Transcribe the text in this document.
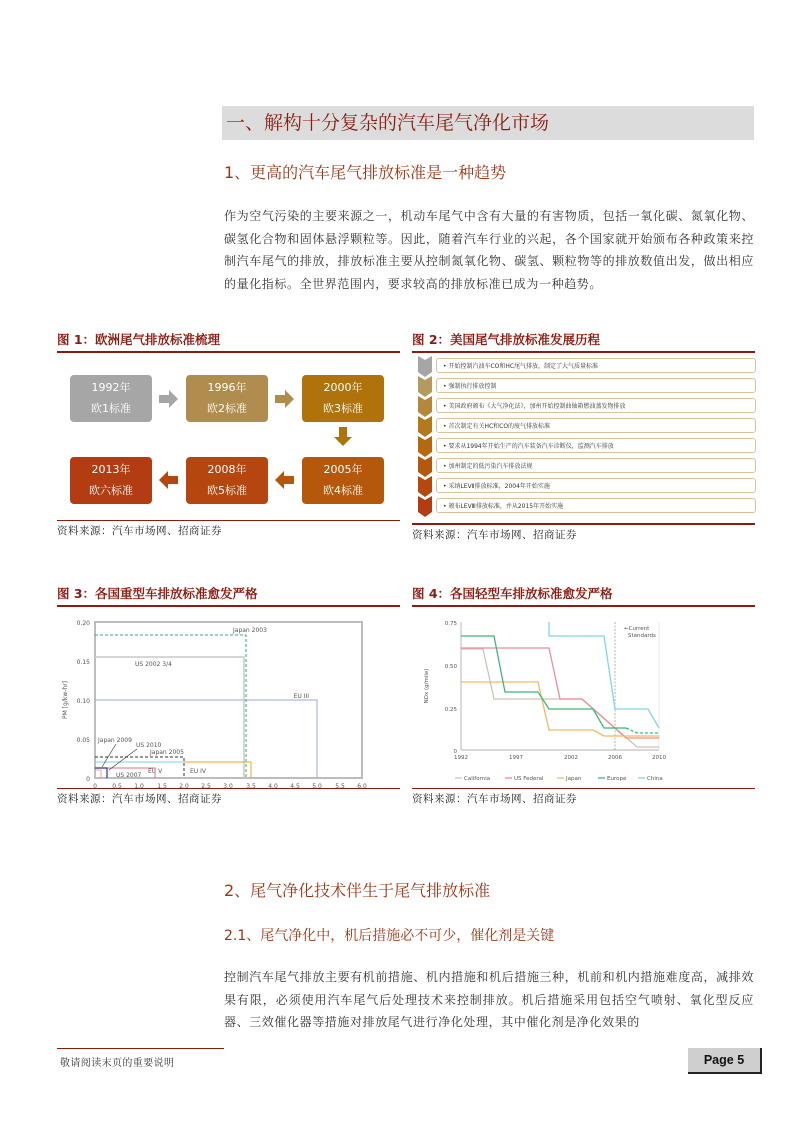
一、解构十分复杂的汽车尾气净化市场
1、更高的汽车尾气排放标准是一种趋势
作为空气污染的主要来源之一，机动车尾气中含有大量的有害物质，包括一氧化碳、氮氧化物、碳氢化合物和固体悬浮颗粒等。因此，随着汽车行业的兴起，各个国家就开始颁布各种政策来控制汽车尾气的排放，排放标准主要从控制氮氧化物、碳氢、颗粒物等的排放数值出发，做出相应的量化指标。全世界范围内，要求较高的排放标准已成为一种趋势。
图 1：欧洲尾气排放标准梳理
1992年
欧1标准
1996年
欧2标准
2000年
欧3标准
2005年
欧4标准
2008年
欧5标准
2013年
欧六标准
资料来源：汽车市场网、招商证券
图 2：美国尾气排放标准发展历程
• 开始控制汽油车CO和HC尾气排放，制定了大气质量标准
• 强制执行排放控制
• 美国政府颁布《大气净化法》，加州开始控制曲轴箱燃油蒸发物排放
• 首次制定有关HC和CO的废气排放标准
• 要求从1994年开始生产的汽车装备汽车诊断仪，监测汽车排放
• 加州制定的低污染汽车排放法规
• 采纳LEVⅡ排放标准，2004年开始实施
• 颁布LEVⅢ排放标准，并从2015年开始实施
资料来源：汽车市场网、招商证券
图 3：各国重型车排放标准愈发严格
0.20
0.15
0.10
0.05
0
0	0.5 1.0 1.5 2.0 2.5 3.0 3.5 4.0 4.5 5.0 5.5 6.0
EU III
US 2002 3/4
Japan 2003
EU IV
EU V
Japan 2005
US 2007
US 2010
Japan 2009
PM [g/kw-hr]
资料来源：汽车市场网、招商证券
图 4：各国轻型车排放标准愈发严格
0.75
0.50
0.25
0
1992	1997	2002	2006	2010
NOx (g/mile)
←Current
Standards
California	US Federal	Japan	Europe	China
资料来源：汽车市场网、招商证券
2、尾气净化技术伴生于尾气排放标准
2.1、尾气净化中，机后措施必不可少，催化剂是关键
控制汽车尾气排放主要有机前措施、机内措施和机后措施三种，机前和机内措施难度高，减排效果有限，必须使用汽车尾气后处理技术来控制排放。机后措施采用包括空气喷射、氧化型反应器、三效催化器等措施对排放尾气进行净化处理，其中催化剂是净化效果的
敬请阅读末页的重要说明	Page 5
